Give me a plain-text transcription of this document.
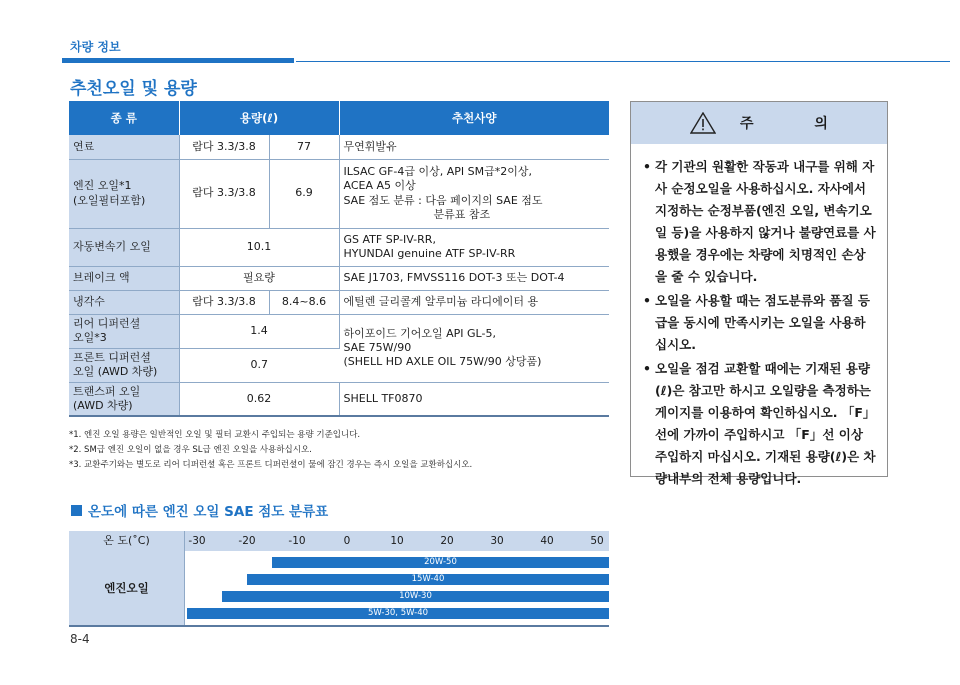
차량 정보
추천오일 및 용량
종 류	용량(ℓ)		추천사양
연료	람다 3.3/3.8	77	무연휘발유
엔진 오일*1
(오일필터포함)	람다 3.3/3.8	6.9	ILSAC GF-4급 이상, API SM급*2이상,
ACEA A5 이상
SAE 점도 분류 : 다음 페이지의 SAE 점도
분류표 참조

자동변속기 오일	10.1		GS ATF SP-IV-RR,
HYUNDAI genuine ATF SP-IV-RR
브레이크 액	필요량		SAE J1703, FMVSS116 DOT-3 또는 DOT-4
냉각수	람다 3.3/3.8	8.4~8.6	에틸렌 글리콜계 알루미늄 라디에이터 용
리어 디퍼런셜
오일*3	1.4		하이포이드 기어오일 API GL-5,
SAE 75W/90
(SHELL HD AXLE OIL 75W/90 상당품)
프론트 디퍼런셜
오일 (AWD 차량)	0.7		
트랜스퍼 오일
(AWD 차량)	0.62		SHELL TF0870
*1. 엔진 오일 용량은 일반적인 오일 및 필터 교환시 주입되는 용량 기준입니다.
*2. SM급 엔진 오일이 없을 경우 SL급 엔진 오일을 사용하십시오.
*3. 교환주기와는 별도로 리어 디퍼런셜 혹은 프론트 디퍼런셜이 물에 잠긴 경우는 즉시 오일을 교환하십시오.
주 의
• 각 기관의 원활한 작동과 내구를 위해 자사 순정오일을 사용하십시오. 자사에서 지정하는 순정부품(엔진 오일, 변속기오일 등)을 사용하지 않거나 불량연료를 사용했을 경우에는 차량에 치명적인 손상을 줄 수 있습니다.
• 오일을 사용할 때는 점도분류와 품질 등급을 동시에 만족시키는 오일을 사용하십시오.
• 오일을 점검 교환할 때에는 기재된 용량(ℓ)은 참고만 하시고 오일량을 측정하는 게이지를 이용하여 확인하십시오. 「F」선에 가까이 주입하시고 「F」선 이상 주입하지 마십시오. 기재된 용량(ℓ)은 차량내부의 전체 용량입니다.
온도에 따른 엔진 오일 SAE 점도 분류표
온 도(˚C)	-30	-20	-10	0	10	20	30	40	50
엔진오일
20W-50
15W-40
10W-30
5W-30, 5W-40
8-4
